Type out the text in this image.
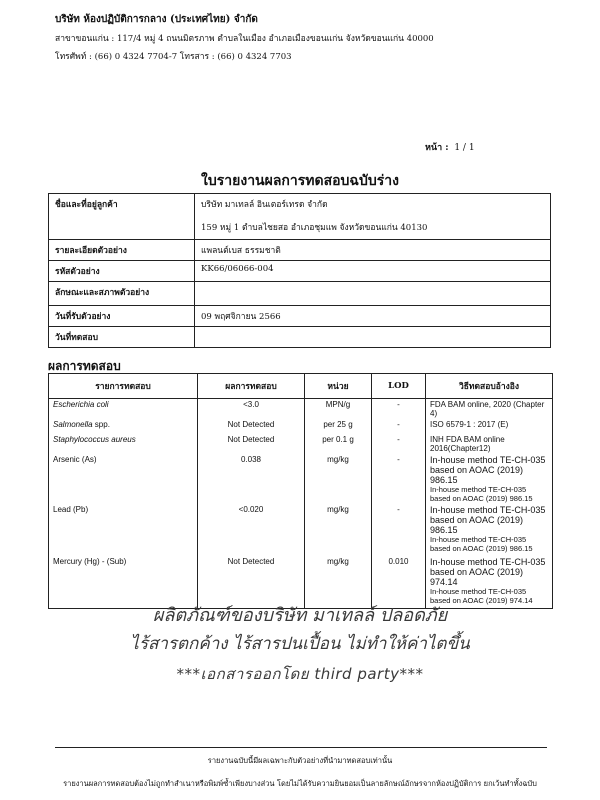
บริษัท ห้องปฏิบัติการกลาง (ประเทศไทย) จำกัด
สาขาขอนแก่น : 117/4 หมู่ 4 ถนนมิตรภาพ ตำบลในเมือง อำเภอเมืองขอนแก่น จังหวัดขอนแก่น 40000
โทรศัพท์ : (66) 0 4324 7704-7 โทรสาร : (66) 0 4324 7703
หน้า : 1 / 1
ใบรายงานผลการทดสอบฉบับร่าง
ชื่อและที่อยู่ลูกค้า	บริษัท มาเทลล์ อินเตอร์เทรด จำกัด
159 หมู่ 1 ตำบลไชยสอ อำเภอชุมแพ จังหวัดขอนแก่น 40130

รายละเอียดตัวอย่าง	แพลนต์เบส ธรรมชาติ
รหัสตัวอย่าง	KK66/06066-004
ลักษณะและสภาพตัวอย่าง	
วันที่รับตัวอย่าง	09 พฤศจิกายน 2566
วันที่ทดสอบ	
ผลการทดสอบ
รายการทดสอบ	ผลการทดสอบ	หน่วย	LOD	วิธีทดสอบอ้างอิง
Escherichia coli	<3.0	MPN/g	-	FDA BAM online, 2020 (Chapter 4)
Salmonella spp.	Not Detected	per 25 g	-	ISO 6579-1 : 2017 (E)
Staphylococcus aureus	Not Detected	per 0.1 g	-	INH FDA BAM online 2016(Chapter12)
Arsenic (As)	0.038	mg/kg	-	In-house method TE-CH-035 based on AOAC (2019) 986.15
In-house method TE-CH-035 based on AOAC (2019) 986.15

Lead (Pb)	<0.020	mg/kg	-	In-house method TE-CH-035 based on AOAC (2019) 986.15
In-house method TE-CH-035 based on AOAC (2019) 986.15

Mercury (Hg) - (Sub)	Not Detected	mg/kg	0.010	In-house method TE-CH-035 based on AOAC (2019) 974.14
In-house method TE-CH-035 based on AOAC (2019) 974.14
ผลิตภัณฑ์ของบริษัท มาเทลล์ ปลอดภัย
ไร้สารตกค้าง ไร้สารปนเปื้อน ไม่ทำให้ค่าไตขึ้น
***เอกสารออกโดย third party***
รายงานฉบับนี้มีผลเฉพาะกับตัวอย่างที่นำมาทดสอบเท่านั้น
รายงานผลการทดสอบต้องไม่ถูกทำสำเนาหรือพิมพ์ซ้ำเพียงบางส่วน โดยไม่ได้รับความยินยอมเป็นลายลักษณ์อักษรจากห้องปฏิบัติการ ยกเว้นทำทั้งฉบับ
